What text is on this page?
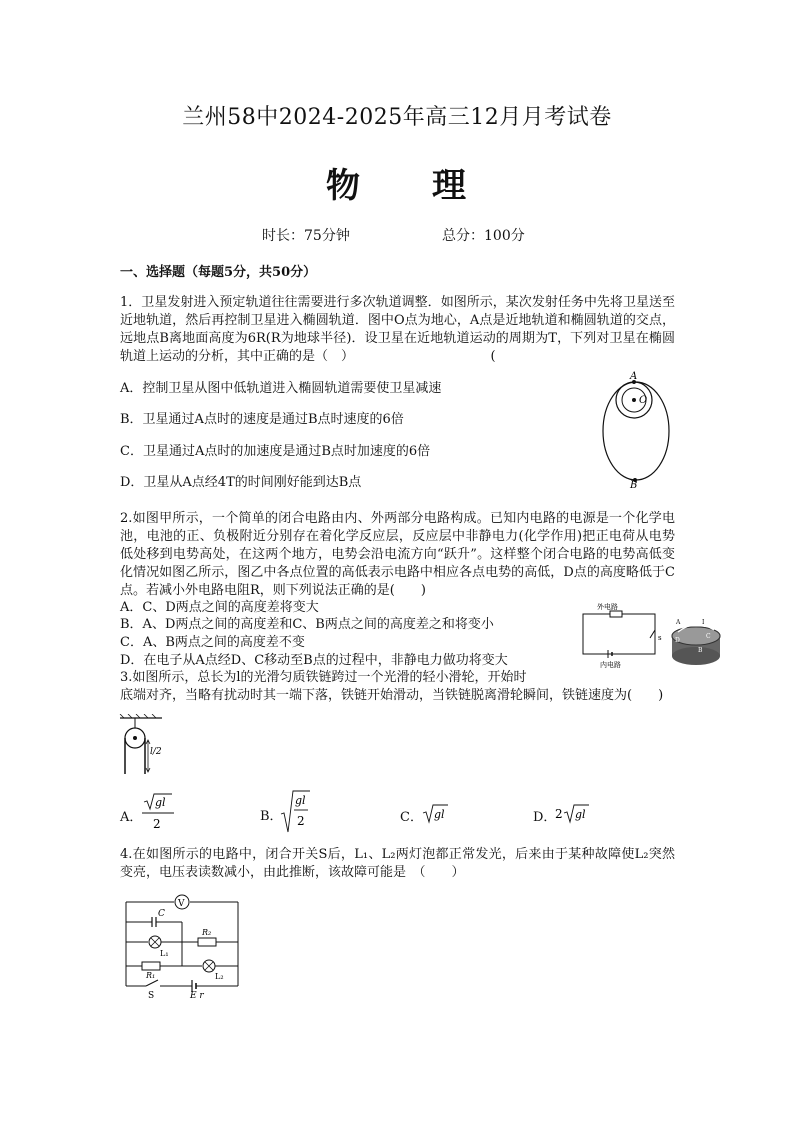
兰州58中2024-2025年高三12月月考试卷
物 理
时长：75分钟	总分：100分
一、选择题（每题5分，共50分）
1．卫星发射进入预定轨道往往需要进行多次轨道调整．如图所示，某次发射任务中先将卫星送至近地轨道，然后再控制卫星进入椭圆轨道．图中O点为地心，A点是近地轨道和椭圆轨道的交点，远地点B离地面高度为6R(R为地球半径)．设卫星在近地轨道运动的周期为T，下列对卫星在椭圆轨道上运动的分析，其中正确的是（　）　　　　　　　　　　　(
A．控制卫星从图中低轨道进入椭圆轨道需要使卫星减速
B．卫星通过A点时的速度是通过B点时速度的6倍
C．卫星通过A点时的加速度是通过B点时加速度的6倍
D．卫星从A点经4T的时间刚好能到达B点
A
O
B
2.如图甲所示，一个简单的闭合电路由内、外两部分电路构成。已知内电路的电源是一个化学电池，电池的正、负极附近分别存在着化学反应层，反应层中非静电力(化学作用)把正电荷从电势低处移到电势高处，在这两个地方，电势会沿电流方向“跃升”。这样整个闭合电路的电势高低变化情况如图乙所示，图乙中各点位置的高低表示电路中相应各点电势的高低，D点的高度略低于C点。若减小外电路电阻R，则下列说法正确的是(　　)
A．C、D两点之间的高度差将变大
B．A、D两点之间的高度差和C、B两点之间的高度差之和将变小
C．A、B两点之间的高度差不变
D．在电子从A点经D、C移动至B点的过程中，非静电力做功将变大
外电路
s
内电路
A	I
D
C
B
3.如图所示，总长为l的光滑匀质铁链跨过一个光滑的轻小滑轮，开始时
底端对齐，当略有扰动时其一端下落，铁链开始滑动，当铁链脱离滑轮瞬间，铁链速度为(　　)
l/2
A．
gl
2	B．
gl
2	C． gl	D．
2 gl
4.在如图所示的电路中，闭合开关S后，L₁、L₂两灯泡都正常发光，后来由于某种故障使L₂突然变亮，电压表读数减小，由此推断，该故障可能是　（　　）
V
C
L₁
R₂
R₁	L₂
S	E r
